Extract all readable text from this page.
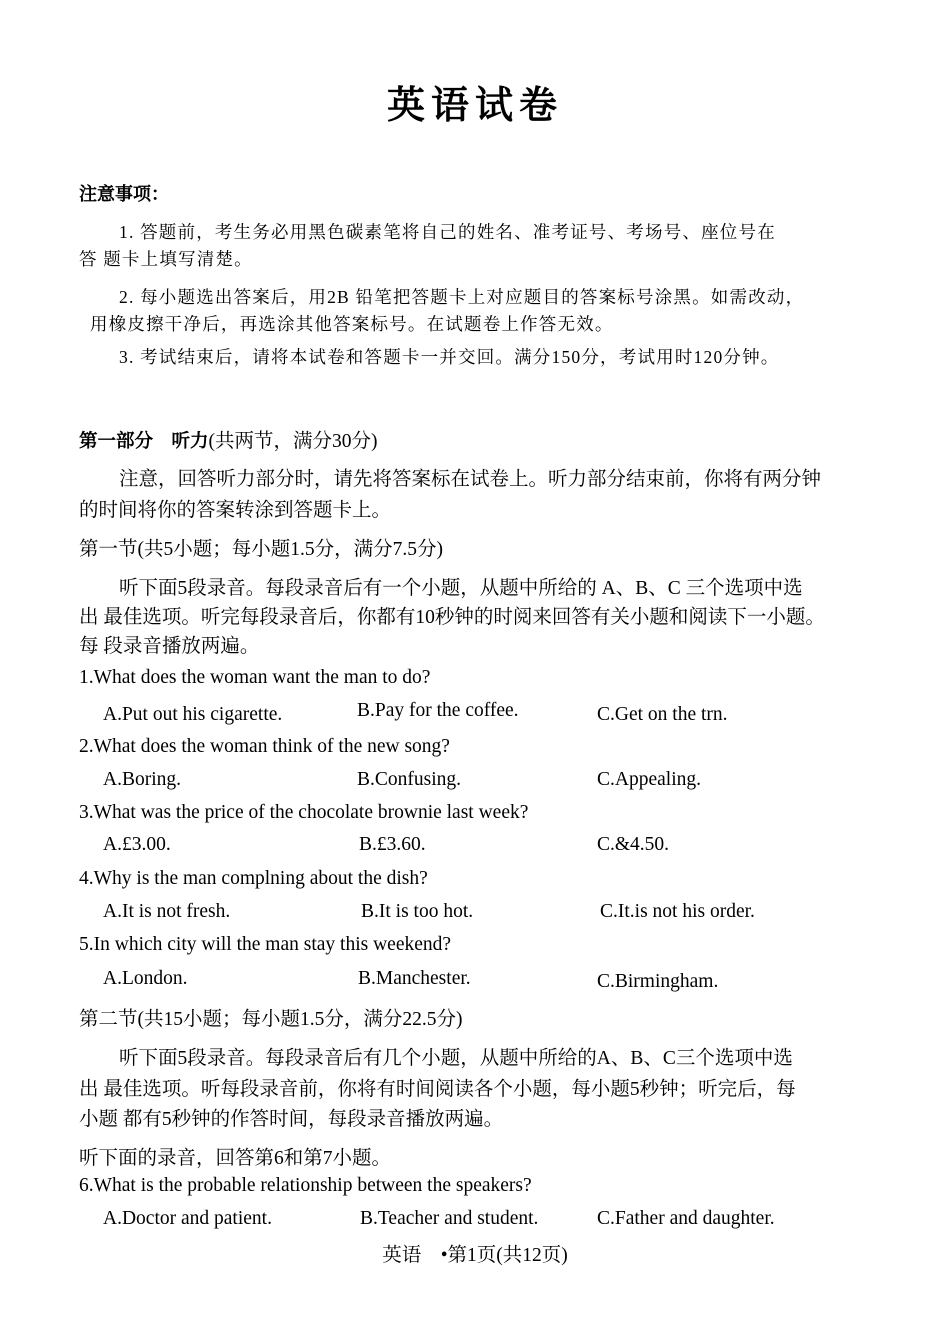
英语试卷
注意事项：
1. 答题前，考生务必用黑色碳素笔将自己的姓名、准考证号、考场号、座位号在
答 题卡上填写清楚。
2. 每小题选出答案后，用2B 铅笔把答题卡上对应题目的答案标号涂黑。如需改动，
用橡皮擦干净后，再选涂其他答案标号。在试题卷上作答无效。
3. 考试结束后，请将本试卷和答题卡一并交回。满分150分，考试用时120分钟。
第一部分　听力(共两节，满分30分)
注意，回答听力部分时，请先将答案标在试卷上。听力部分结束前，你将有两分钟
的时间将你的答案转涂到答题卡上。
第一节(共5小题；每小题1.5分，满分7.5分)
听下面5段录音。每段录音后有一个小题，从题中所给的 A、B、C 三个选项中选
出 最佳选项。听完每段录音后，你都有10秒钟的时阅来回答有关小题和阅读下一小题。
每 段录音播放两遍。
1.What does the woman want the man to do?
A.Put out his cigarette.	B.Pay for the coffee.	C.Get on the trn.
2.What does the woman think of the new song?
A.Boring.	B.Confusing.	C.Appealing.
3.What was the price of the chocolate brownie last week?
A.£3.00.	B.£3.60.	C.&4.50.
4.Why is the man complning about the dish?
A.It is not fresh.	B.It is too hot.	C.It.is not his order.
5.In which city will the man stay this weekend?
A.London.	B.Manchester.	C.Birmingham.
第二节(共15小题；每小题1.5分，满分22.5分)
听下面5段录音。每段录音后有几个小题，从题中所给的A、B、C三个选项中选
出 最佳选项。听每段录音前，你将有时间阅读各个小题，每小题5秒钟；听完后，每
小题 都有5秒钟的作答时间，每段录音播放两遍。
听下面的录音，回答第6和第7小题。
6.What is the probable relationship between the speakers?
A.Doctor and patient.	B.Teacher and student.	C.Father and daughter.
英语　•第1页(共12页)
